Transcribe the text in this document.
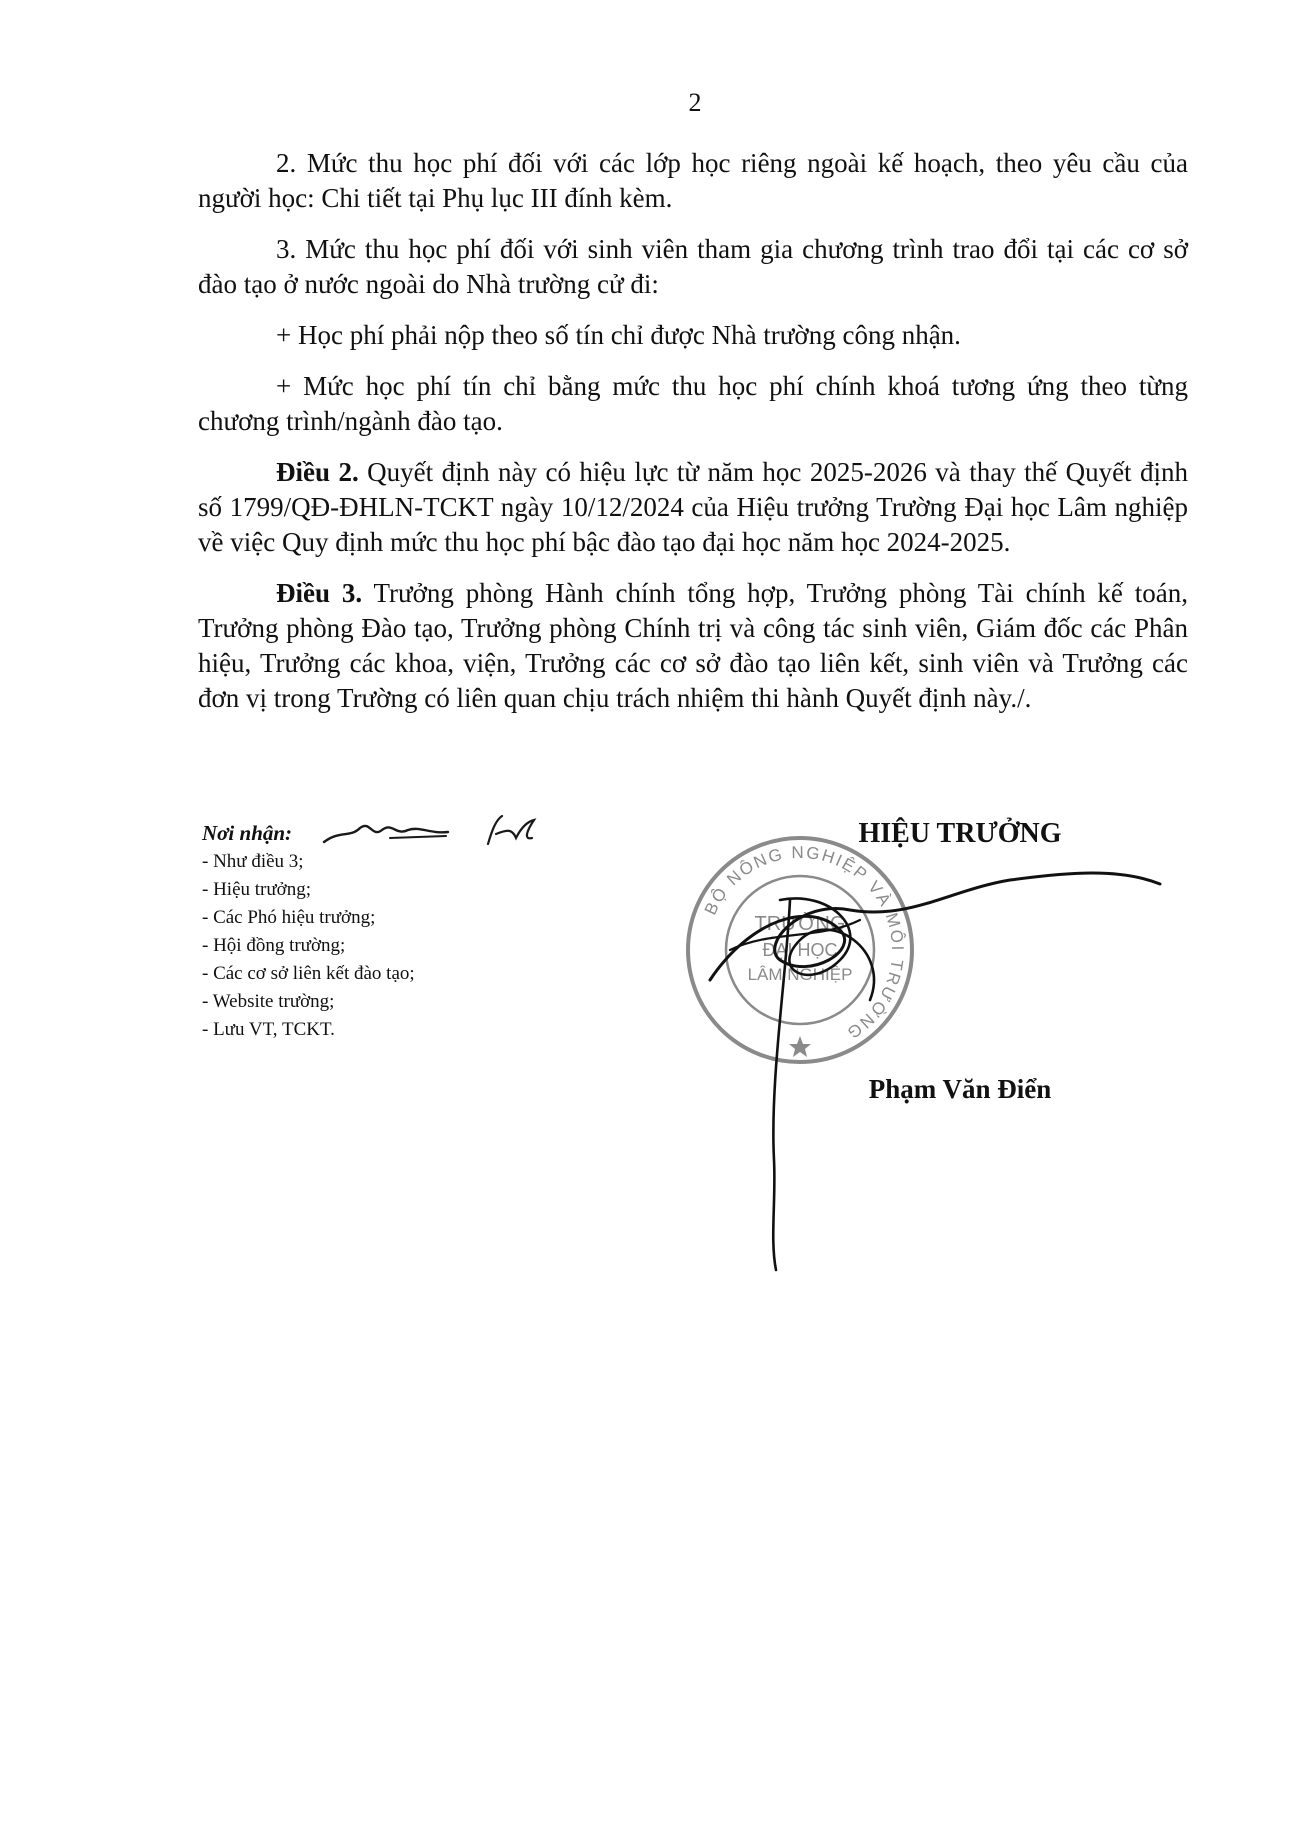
2

2. Mức thu học phí đối với các lớp học riêng ngoài kế hoạch, theo yêu cầu của người học: Chi tiết tại Phụ lục III đính kèm.

3. Mức thu học phí đối với sinh viên tham gia chương trình trao đổi tại các cơ sở đào tạo ở nước ngoài do Nhà trường cử đi:

+ Học phí phải nộp theo số tín chỉ được Nhà trường công nhận.

+ Mức học phí tín chỉ bằng mức thu học phí chính khoá tương ứng theo từng chương trình/ngành đào tạo.

Điều 2. Quyết định này có hiệu lực từ năm học 2025-2026 và thay thế Quyết định số 1799/QĐ-ĐHLN-TCKT ngày 10/12/2024 của Hiệu trưởng Trường Đại học Lâm nghiệp về việc Quy định mức thu học phí bậc đào tạo đại học năm học 2024-2025.

Điều 3. Trưởng phòng Hành chính tổng hợp, Trưởng phòng Tài chính kế toán, Trưởng phòng Đào tạo, Trưởng phòng Chính trị và công tác sinh viên, Giám đốc các Phân hiệu, Trưởng các khoa, viện, Trưởng các cơ sở đào tạo liên kết, sinh viên và Trưởng các đơn vị trong Trường có liên quan chịu trách nhiệm thi hành Quyết định này./.

Nơi nhận:
- Như điều 3;
- Hiệu trưởng;
- Các Phó hiệu trưởng;
- Hội đồng trường;
- Các cơ sở liên kết đào tạo;
- Website trường;
- Lưu VT, TCKT.
HIỆU TRƯỞNG
BỘ NÔNG NGHIỆP VÀ MÔI TRƯỜNG
TRƯỜNG
ĐẠI HỌC
LÂM NGHIỆP
Phạm Văn Điển
